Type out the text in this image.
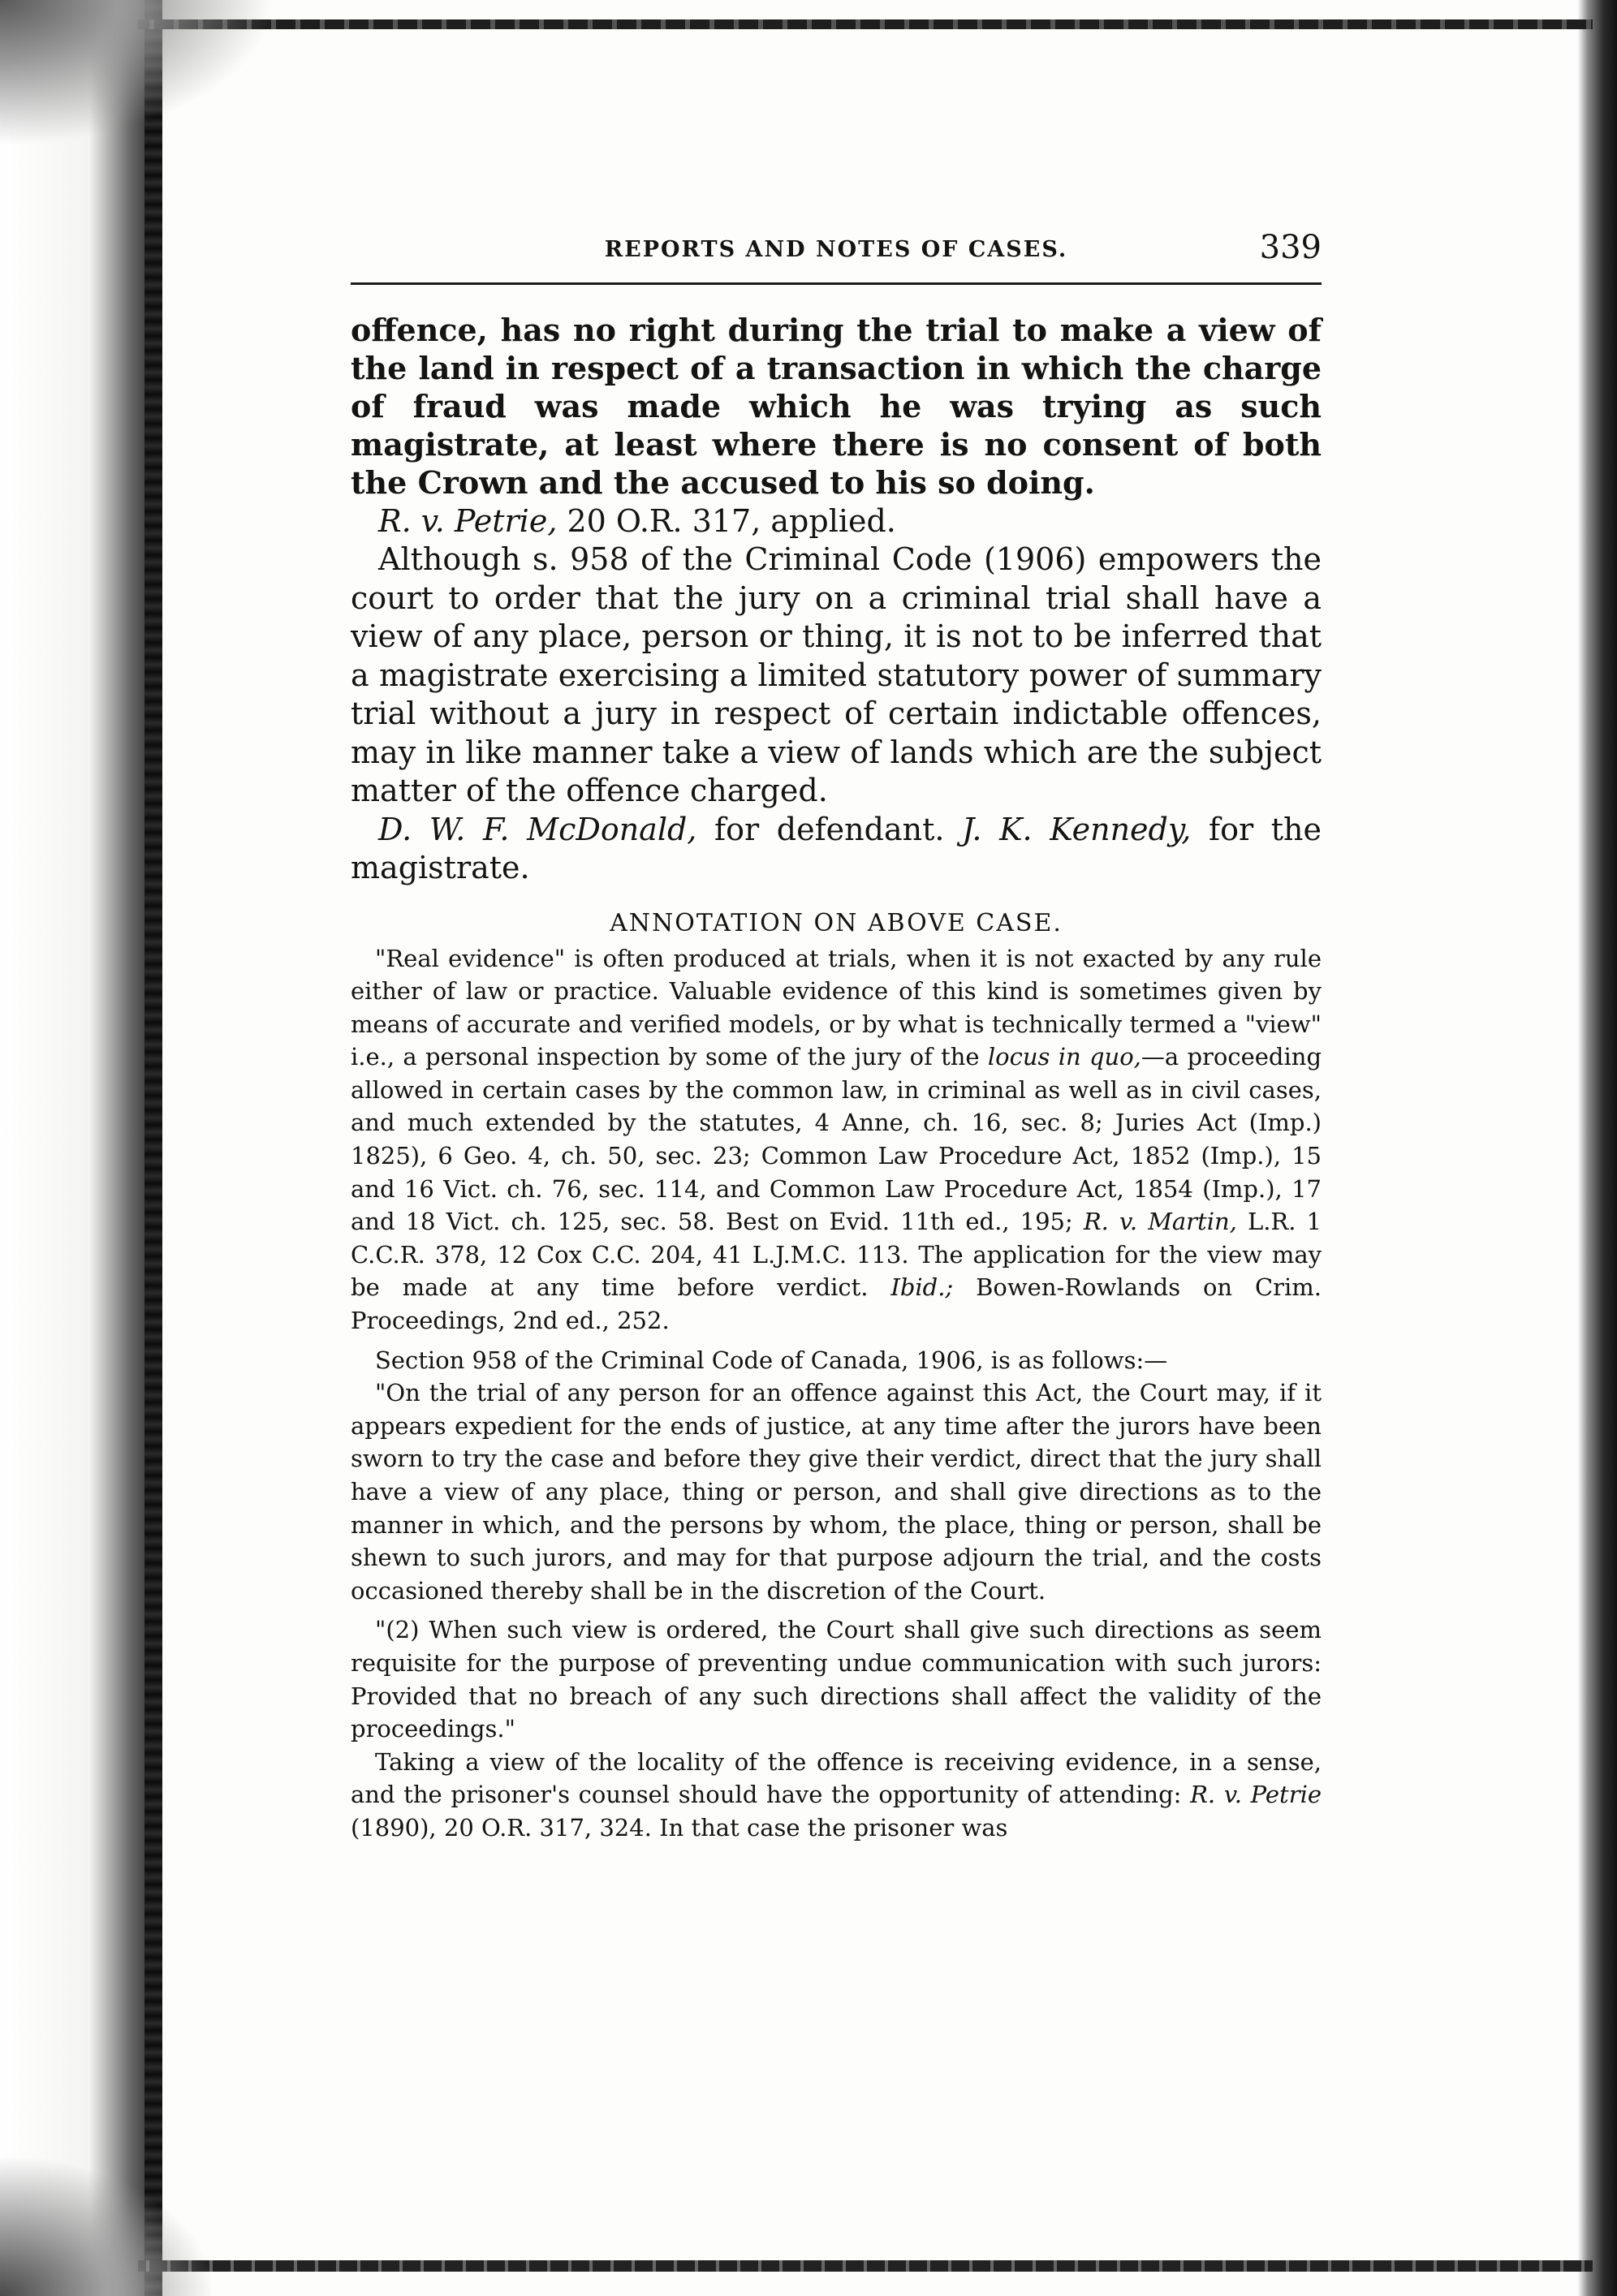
REPORTS AND NOTES OF CASES.	339
offence, has no right during the trial to make a view of the land in respect of a transaction in which the charge of fraud was made which he was trying as such magistrate, at least where there is no consent of both the Crown and the accused to his so doing.

R. v. Petrie, 20 O.R. 317, applied.

Although s. 958 of the Criminal Code (1906) empowers the court to order that the jury on a criminal trial shall have a view of any place, person or thing, it is not to be inferred that a magistrate exercising a limited statutory power of summary trial without a jury in respect of certain indictable offences, may in like manner take a view of lands which are the subject matter of the offence charged.

D. W. F. McDonald, for defendant. J. K. Kennedy, for the magistrate.

ANNOTATION ON ABOVE CASE.

"Real evidence" is often produced at trials, when it is not exacted by any rule either of law or practice. Valuable evidence of this kind is sometimes given by means of accurate and verified models, or by what is technically termed a "view" i.e., a personal inspection by some of the jury of the locus in quo,—a proceeding allowed in certain cases by the common law, in criminal as well as in civil cases, and much extended by the statutes, 4 Anne, ch. 16, sec. 8; Juries Act (Imp.) 1825), 6 Geo. 4, ch. 50, sec. 23; Common Law Procedure Act, 1852 (Imp.), 15 and 16 Vict. ch. 76, sec. 114, and Common Law Procedure Act, 1854 (Imp.), 17 and 18 Vict. ch. 125, sec. 58. Best on Evid. 11th ed., 195; R. v. Martin, L.R. 1 C.C.R. 378, 12 Cox C.C. 204, 41 L.J.M.C. 113. The application for the view may be made at any time before verdict. Ibid.; Bowen-Rowlands on Crim. Proceedings, 2nd ed., 252.

Section 958 of the Criminal Code of Canada, 1906, is as follows:—

"On the trial of any person for an offence against this Act, the Court may, if it appears expedient for the ends of justice, at any time after the jurors have been sworn to try the case and before they give their verdict, direct that the jury shall have a view of any place, thing or person, and shall give directions as to the manner in which, and the persons by whom, the place, thing or person, shall be shewn to such jurors, and may for that purpose adjourn the trial, and the costs occasioned thereby shall be in the discretion of the Court.

"(2) When such view is ordered, the Court shall give such directions as seem requisite for the purpose of preventing undue communication with such jurors: Provided that no breach of any such directions shall affect the validity of the proceedings."

Taking a view of the locality of the offence is receiving evidence, in a sense, and the prisoner's counsel should have the opportunity of attending: R. v. Petrie (1890), 20 O.R. 317, 324. In that case the prisoner was
